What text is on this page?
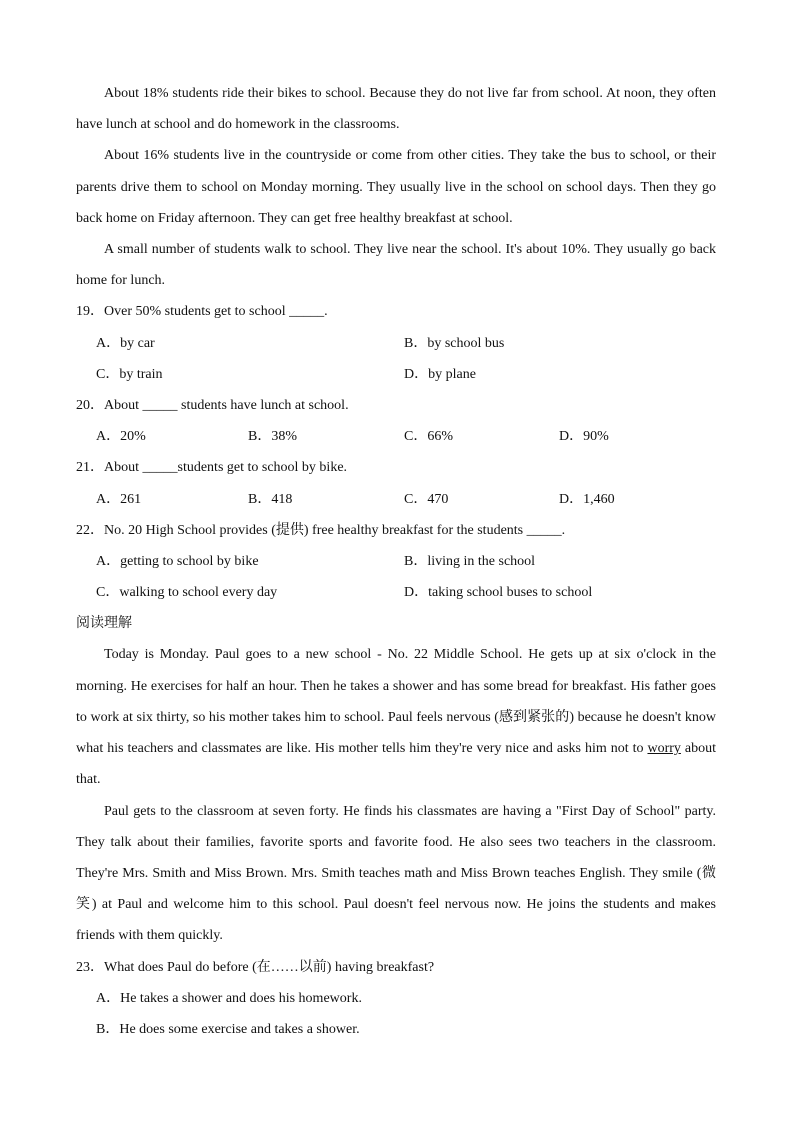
About 18% students ride their bikes to school. Because they do not live far from school. At noon, they often have lunch at school and do homework in the classrooms.

About 16% students live in the countryside or come from other cities. They take the bus to school, or their parents drive them to school on Monday morning. They usually live in the school on school days. Then they go back home on Friday afternoon. They can get free healthy breakfast at school.

A small number of students walk to school. They live near the school. It's about 10%. They usually go back home for lunch.

19．Over 50% students get to school _____.
A．by car	B．by school bus
C．by train	D．by plane
20．About _____ students have lunch at school.
A．20%	B．38%	C．66%	D．90%
21．About _____students get to school by bike.
A．261	B．418	C．470	D．1,460
22．No. 20 High School provides (提供) free healthy breakfast for the students _____.
A．getting to school by bike	B．living in the school
C．walking to school every day	D．taking school buses to school
阅读理解

Today is Monday. Paul goes to a new school - No. 22 Middle School. He gets up at six o'clock in the morning. He exercises for half an hour. Then he takes a shower and has some bread for breakfast. His father goes to work at six thirty, so his mother takes him to school. Paul feels nervous (感到紧张的) because he doesn't know what his teachers and classmates are like. His mother tells him they're very nice and asks him not to worry about that.

Paul gets to the classroom at seven forty. He finds his classmates are having a "First Day of School" party. They talk about their families, favorite sports and favorite food. He also sees two teachers in the classroom. They're Mrs. Smith and Miss Brown. Mrs. Smith teaches math and Miss Brown teaches English. They smile (微笑) at Paul and welcome him to this school. Paul doesn't feel nervous now. He joins the students and makes friends with them quickly.

23．What does Paul do before (在……以前) having breakfast?
A．He takes a shower and does his homework.
B．He does some exercise and takes a shower.
